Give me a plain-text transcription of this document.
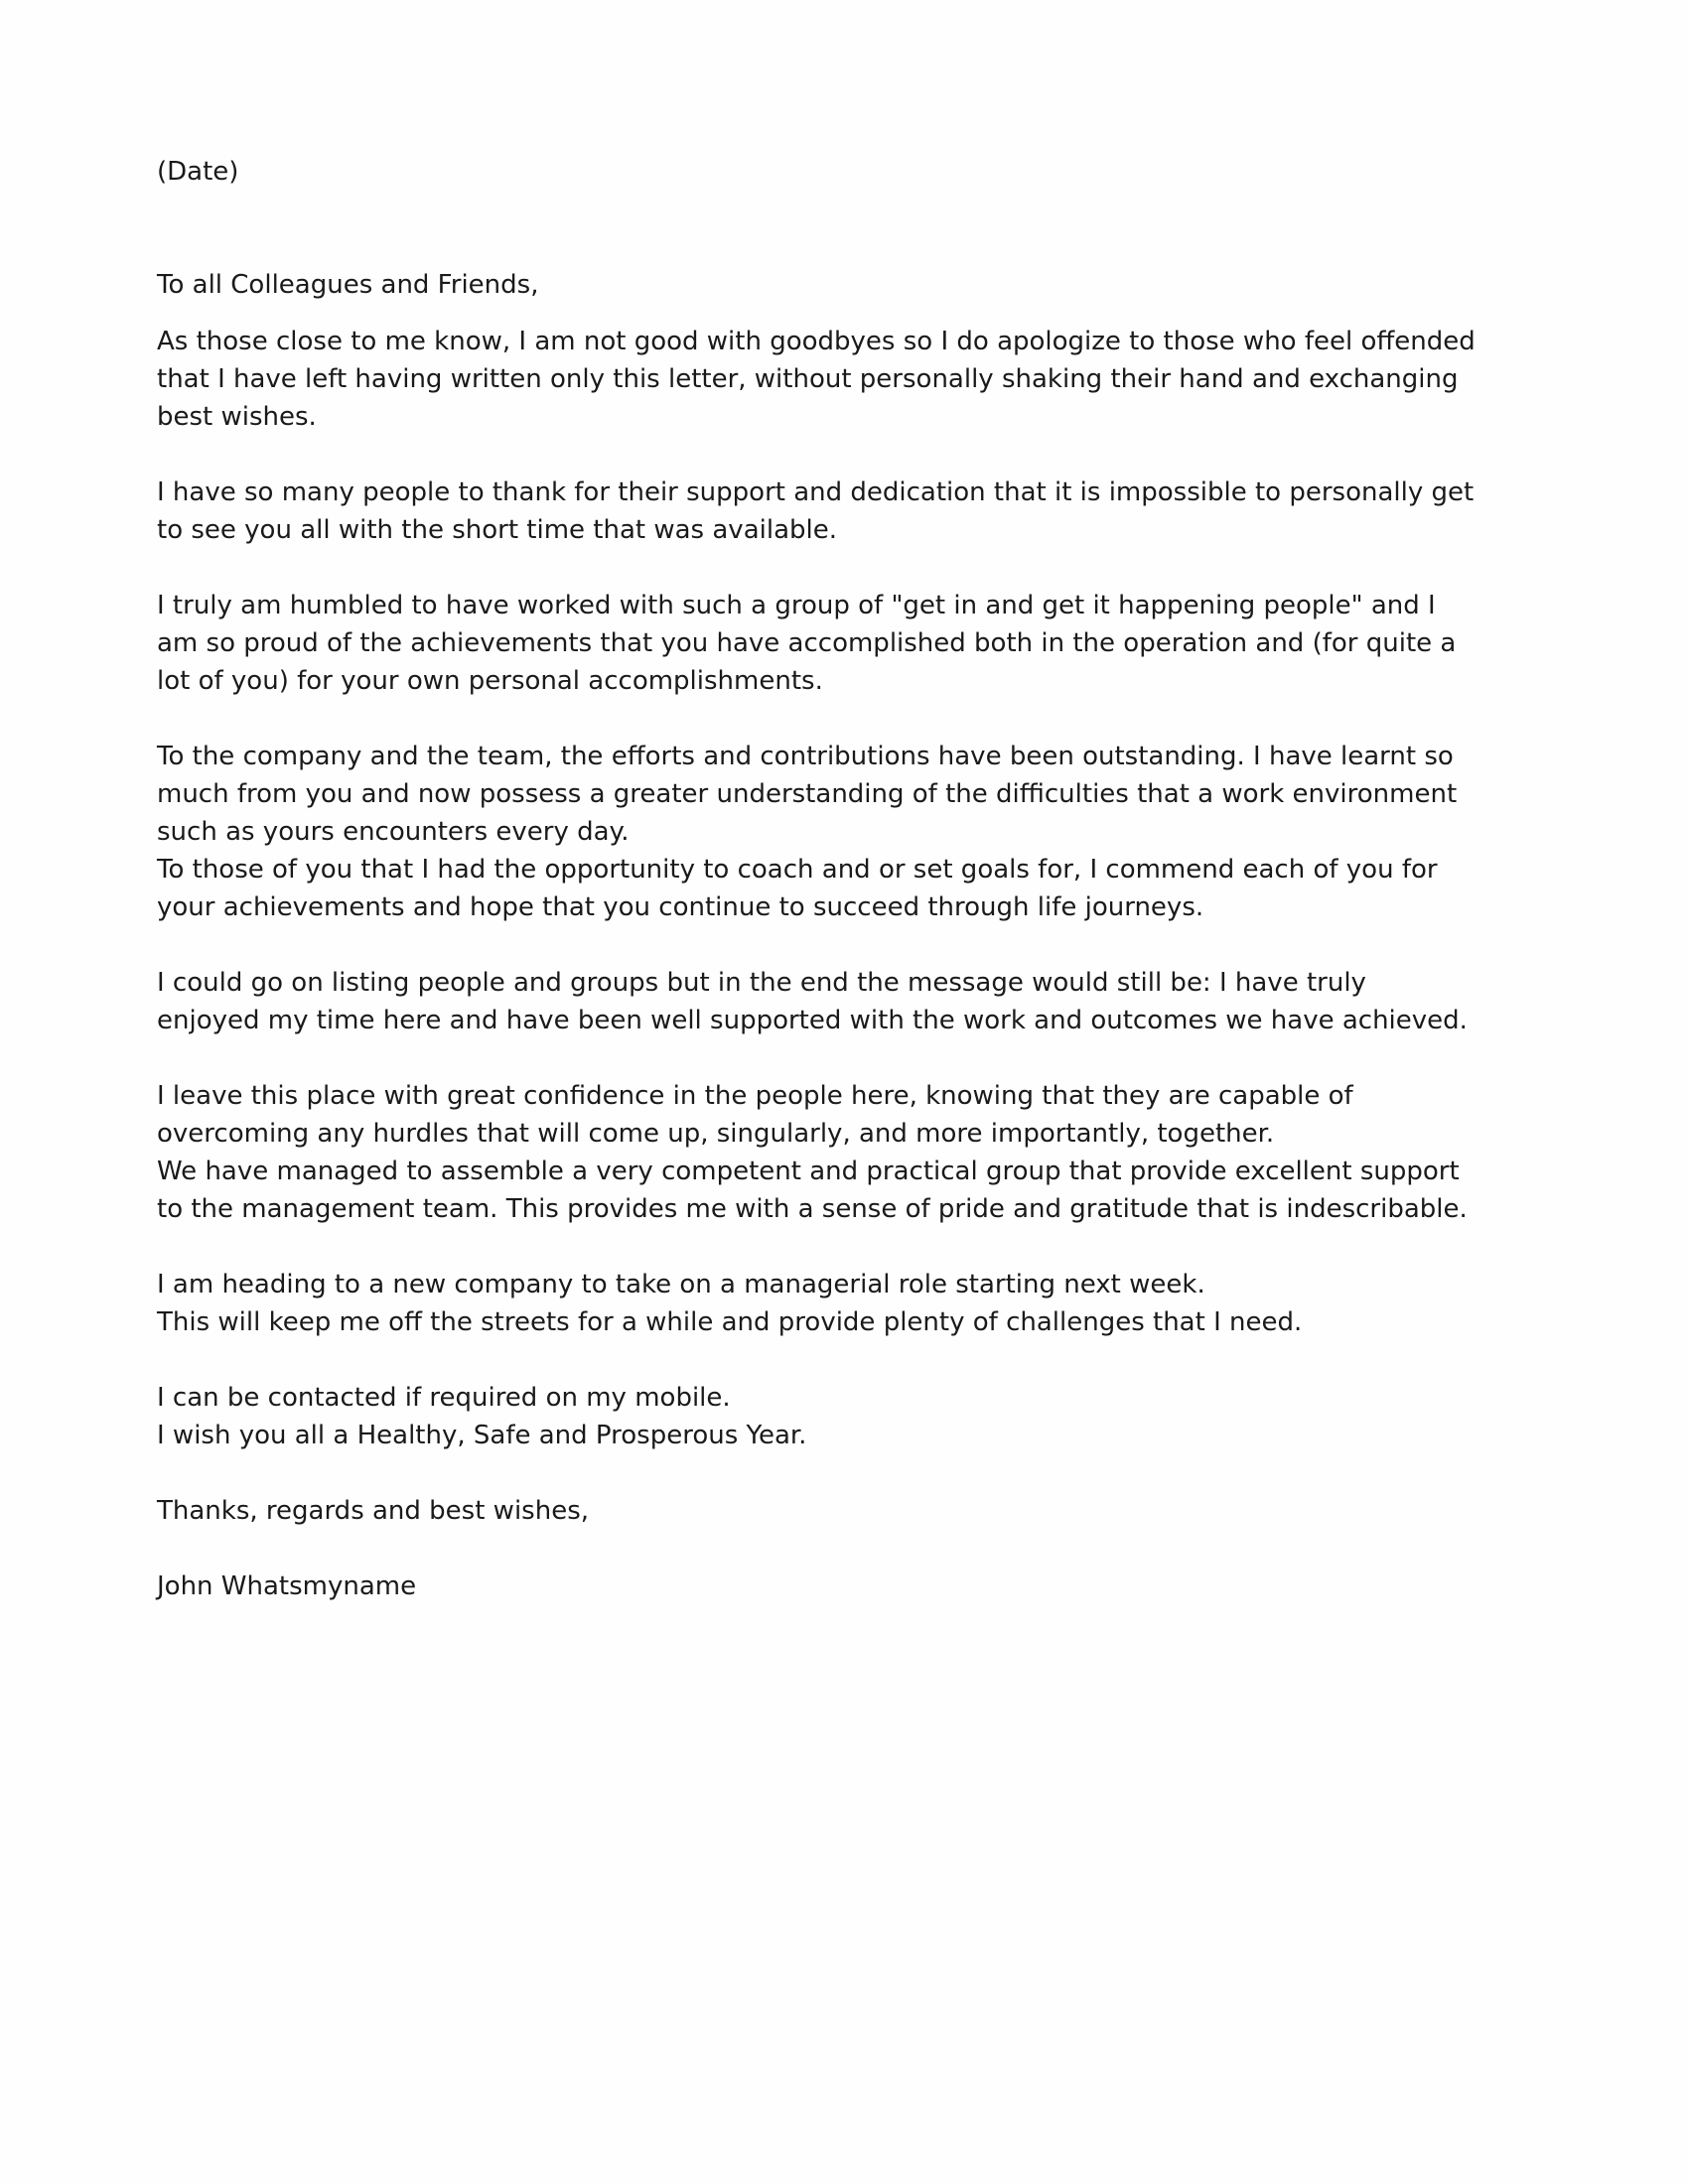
(Date)
To all Colleagues and Friends,
As those close to me know, I am not good with goodbyes so I do apologize to those who feel offended
that I have left having written only this letter, without personally shaking their hand and exchanging
best wishes.
I have so many people to thank for their support and dedication that it is impossible to personally get
to see you all with the short time that was available.
I truly am humbled to have worked with such a group of "get in and get it happening people" and I
am so proud of the achievements that you have accomplished both in the operation and (for quite a
lot of you) for your own personal accomplishments.
To the company and the team, the efforts and contributions have been outstanding. I have learnt so
much from you and now possess a greater understanding of the difficulties that a work environment
such as yours encounters every day.
To those of you that I had the opportunity to coach and or set goals for, I commend each of you for
your achievements and hope that you continue to succeed through life journeys.
I could go on listing people and groups but in the end the message would still be: I have truly
enjoyed my time here and have been well supported with the work and outcomes we have achieved.
I leave this place with great confidence in the people here, knowing that they are capable of
overcoming any hurdles that will come up, singularly, and more importantly, together.
We have managed to assemble a very competent and practical group that provide excellent support
to the management team. This provides me with a sense of pride and gratitude that is indescribable.
I am heading to a new company to take on a managerial role starting next week.
This will keep me off the streets for a while and provide plenty of challenges that I need.
I can be contacted if required on my mobile.
I wish you all a Healthy, Safe and Prosperous Year.
Thanks, regards and best wishes,
John Whatsmyname
